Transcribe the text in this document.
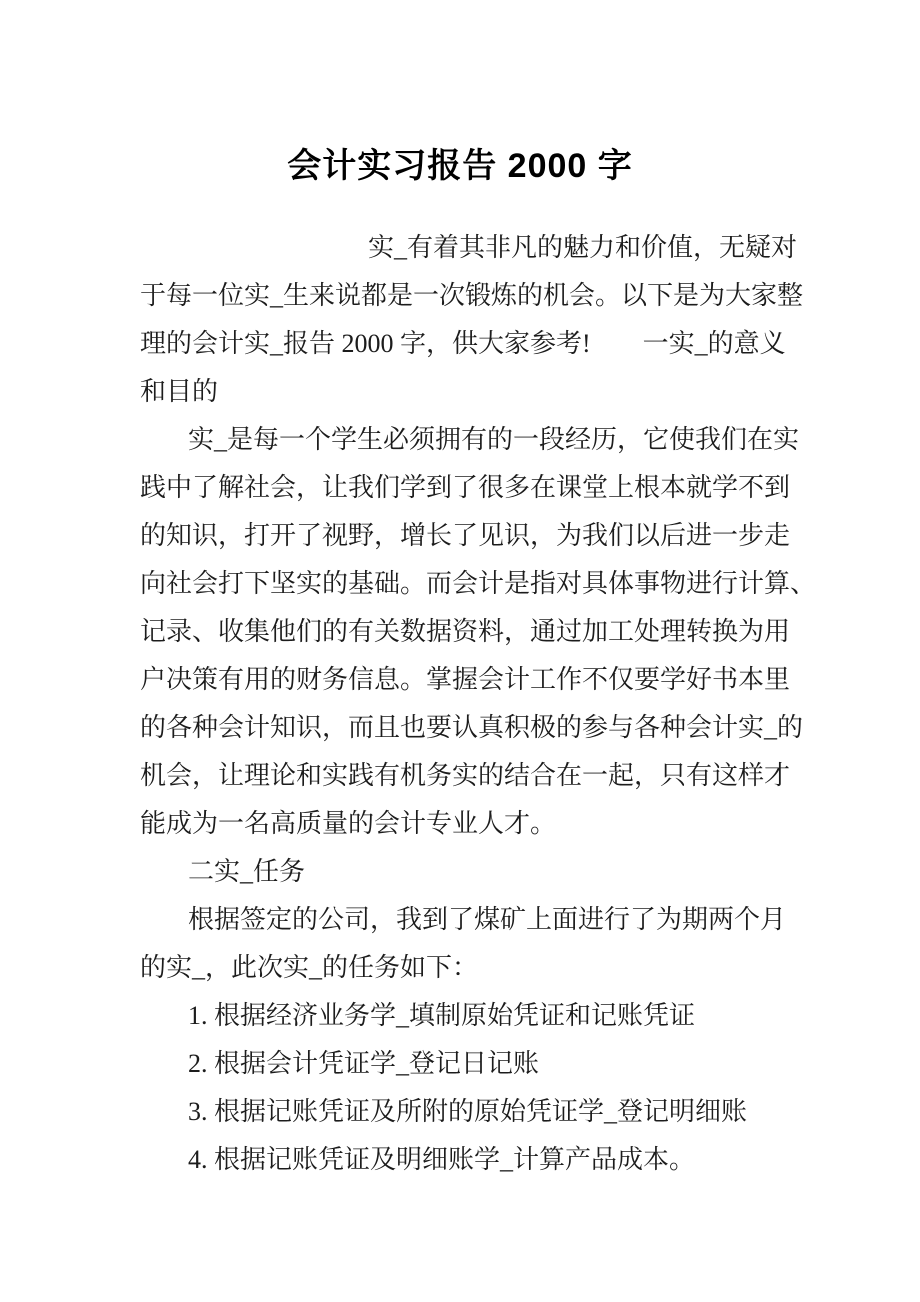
会计实习报告 2000 字
实_有着其非凡的魅力和价值，无疑对
于每一位实_生来说都是一次锻炼的机会。以下是为大家整
理的会计实_报告 2000 字，供大家参考!　　一实_的意义
和目的
实_是每一个学生必须拥有的一段经历，它使我们在实
践中了解社会，让我们学到了很多在课堂上根本就学不到
的知识，打开了视野，增长了见识，为我们以后进一步走
向社会打下坚实的基础。而会计是指对具体事物进行计算、
记录、收集他们的有关数据资料，通过加工处理转换为用
户决策有用的财务信息。掌握会计工作不仅要学好书本里
的各种会计知识，而且也要认真积极的参与各种会计实_的
机会，让理论和实践有机务实的结合在一起，只有这样才
能成为一名高质量的会计专业人才。
二实_任务
根据签定的公司，我到了煤矿上面进行了为期两个月
的实_，此次实_的任务如下：
1. 根据经济业务学_填制原始凭证和记账凭证
2. 根据会计凭证学_登记日记账
3. 根据记账凭证及所附的原始凭证学_登记明细账
4. 根据记账凭证及明细账学_计算产品成本。
